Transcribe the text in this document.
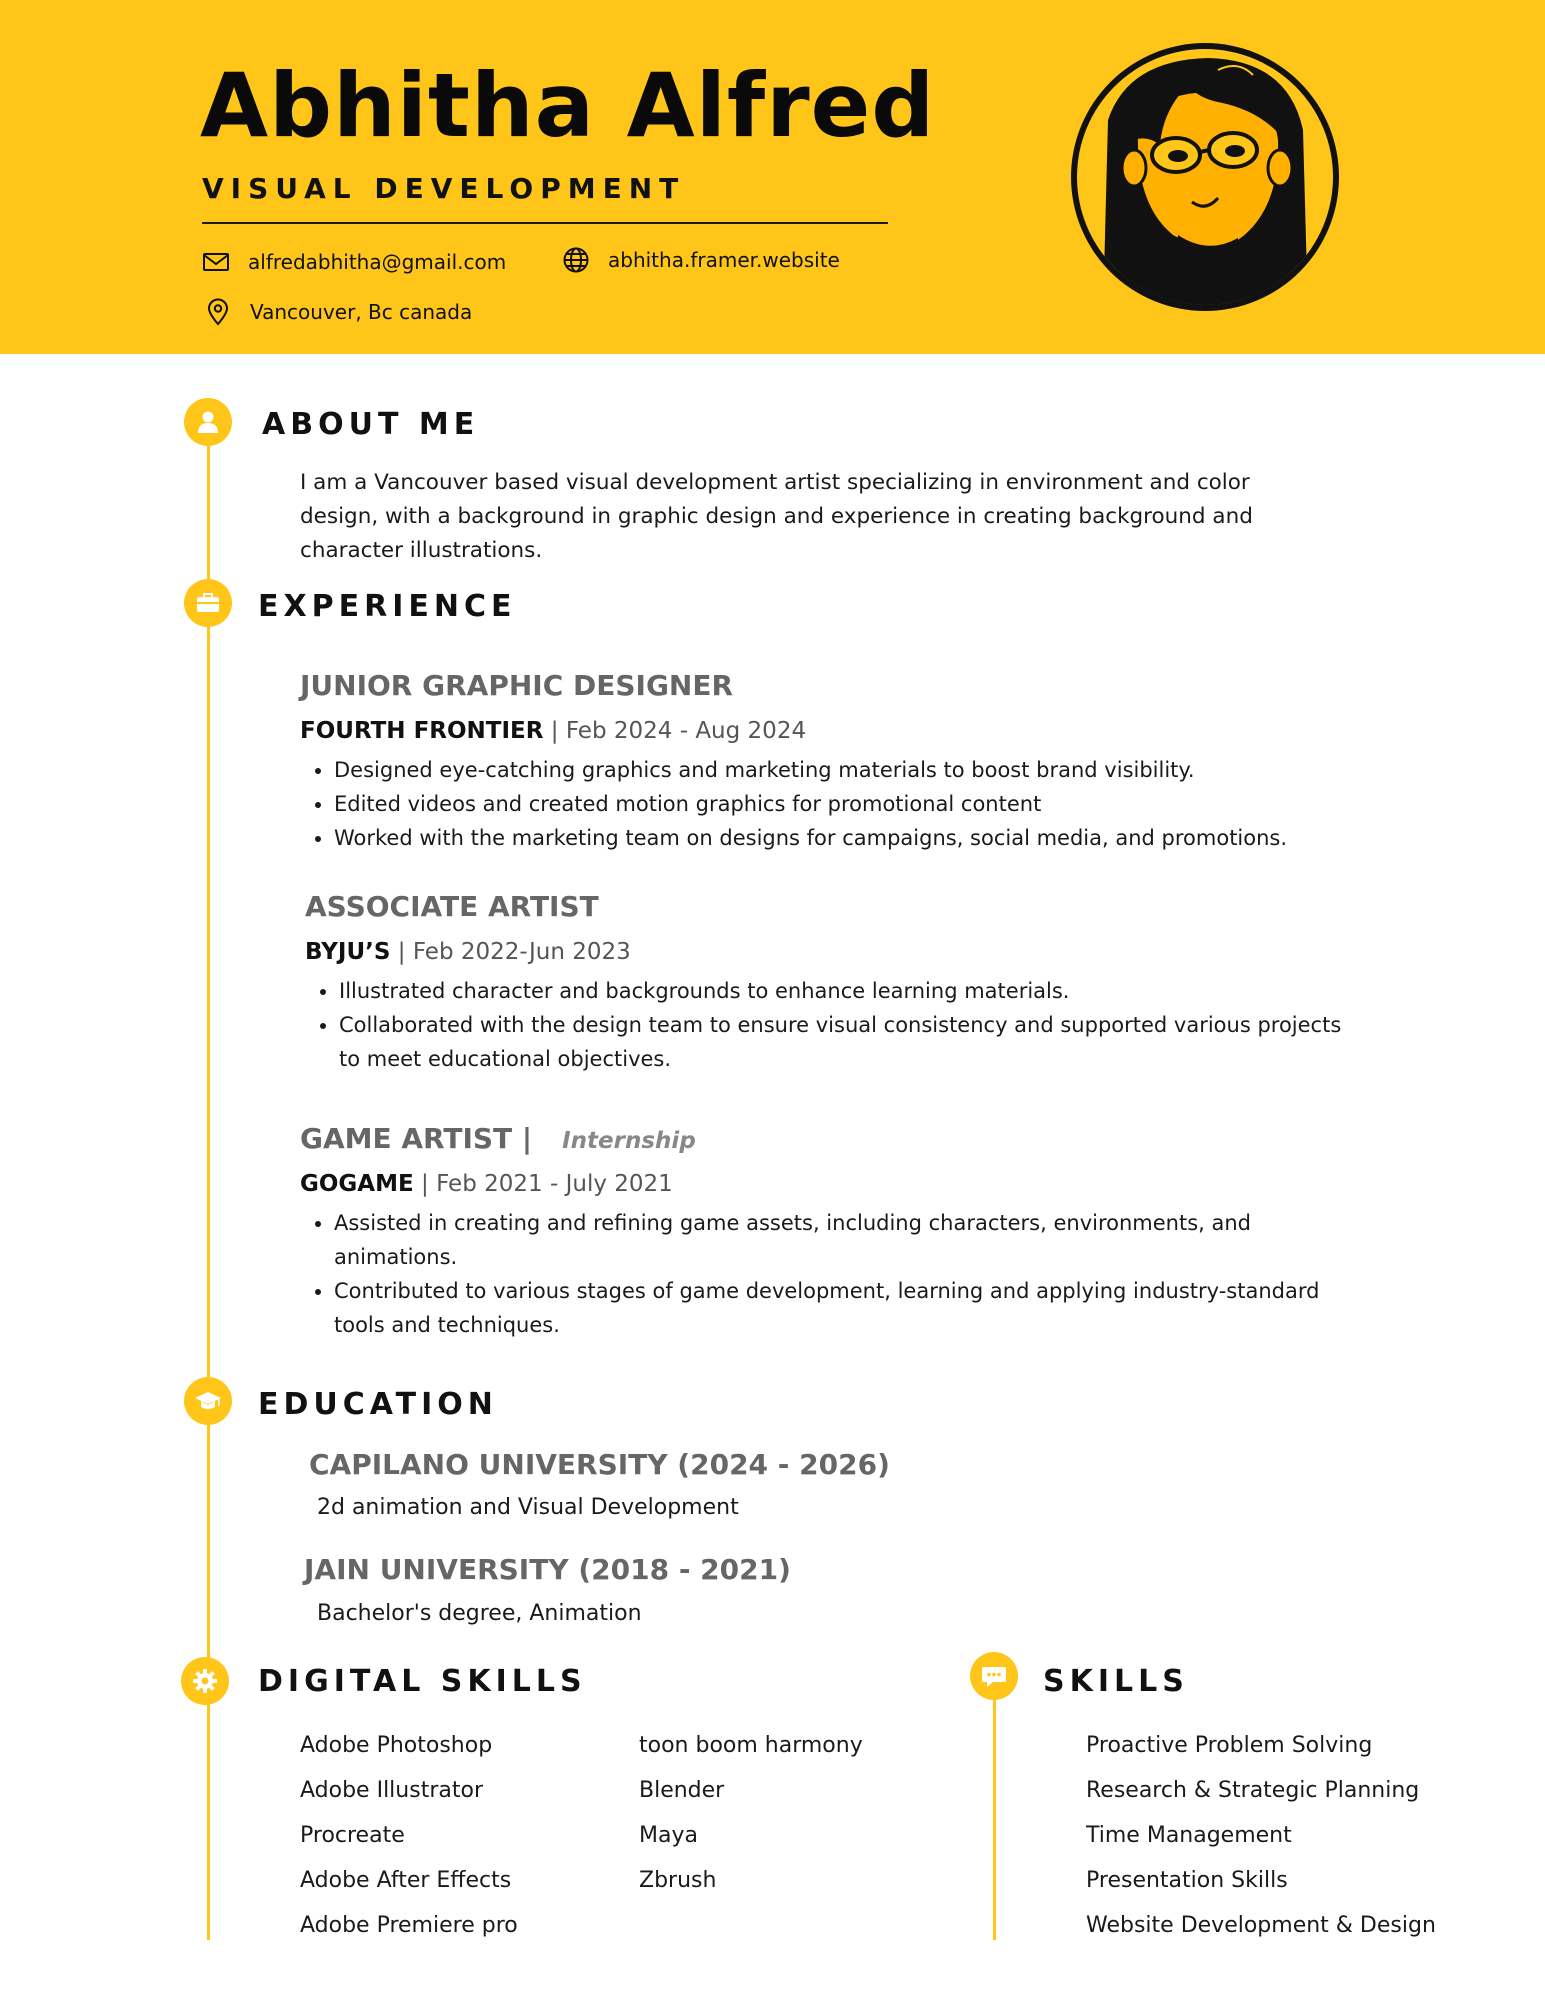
Abhitha Alfred
VISUAL DEVELOPMENT
alfredabhitha@gmail.com	abhitha.framer.website
Vancouver, Bc canada
ABOUT ME

I am a Vancouver based visual development artist specializing in environment and color design, with a background in graphic design and experience in creating background and character illustrations.

EXPERIENCE
JUNIOR GRAPHIC DESIGNER

FOURTH FRONTIER | Feb 2024 - Aug 2024

• Designed eye-catching graphics and marketing materials to boost brand visibility.
• Edited videos and created motion graphics for promotional content
• Worked with the marketing team on designs for campaigns, social media, and promotions.
ASSOCIATE ARTIST

BYJU’S | Feb 2022-Jun 2023

• Illustrated character and backgrounds to enhance learning materials.
• Collaborated with the design team to ensure visual consistency and supported various projects to meet educational objectives.
GAME ARTIST | Internship

GOGAME | Feb 2021 - July 2021

• Assisted in creating and refining game assets, including characters, environments, and animations.
• Contributed to various stages of game development, learning and applying industry-standard tools and techniques.
EDUCATION
CAPILANO UNIVERSITY (2024 - 2026)

2d animation and Visual Development

JAIN UNIVERSITY (2018 - 2021)

Bachelor's degree, Animation

DIGITAL SKILLS
Adobe Photoshop
Adobe Illustrator
Procreate
Adobe After Effects
Adobe Premiere pro
toon boom harmony
Blender
Maya
Zbrush
SKILLS
Proactive Problem Solving
Research & Strategic Planning
Time Management
Presentation Skills
Website Development & Design
